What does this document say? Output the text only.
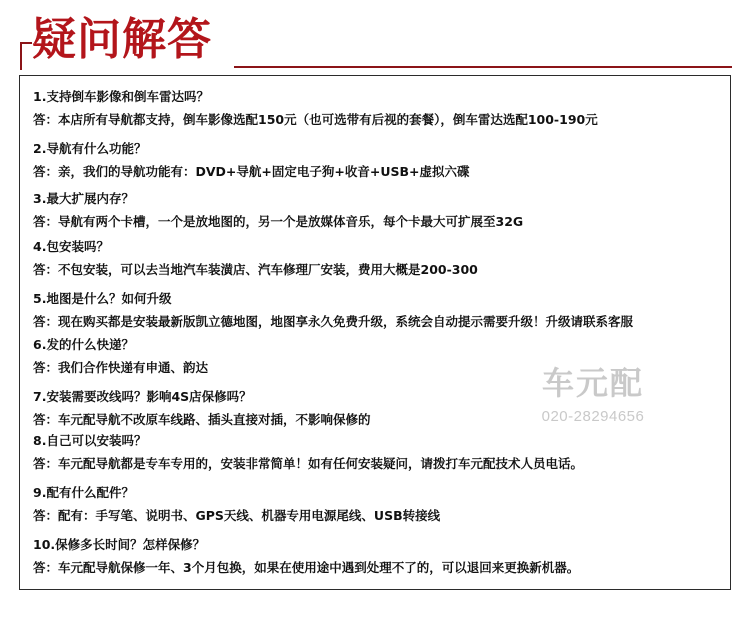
疑问解答
1.支持倒车影像和倒车雷达吗？
答：本店所有导航都支持，倒车影像选配150元（也可选带有后视的套餐），倒车雷达选配100-190元
2.导航有什么功能？
答：亲，我们的导航功能有：DVD+导航+固定电子狗+收音+USB+虚拟六碟
3.最大扩展内存？
答：导航有两个卡槽，一个是放地图的，另一个是放媒体音乐，每个卡最大可扩展至32G
4.包安装吗？
答：不包安装，可以去当地汽车装潢店、汽车修理厂安装，费用大概是200-300
5.地图是什么？如何升级
答：现在购买都是安装最新版凯立德地图，地图享永久免费升级，系统会自动提示需要升级！升级请联系客服
6.发的什么快递？
答：我们合作快递有申通、韵达
7.安装需要改线吗？影响4S店保修吗？
答：车元配导航不改原车线路、插头直接对插，不影响保修的
8.自己可以安装吗？
答：车元配导航都是专车专用的，安装非常简单！如有任何安装疑问，请拨打车元配技术人员电话。
9.配有什么配件？
答：配有：手写笔、说明书、GPS天线、机器专用电源尾线、USB转接线
10.保修多长时间？怎样保修？
答：车元配导航保修一年、3个月包换，如果在使用途中遇到处理不了的，可以退回来更换新机器。
车元配
020-28294656
